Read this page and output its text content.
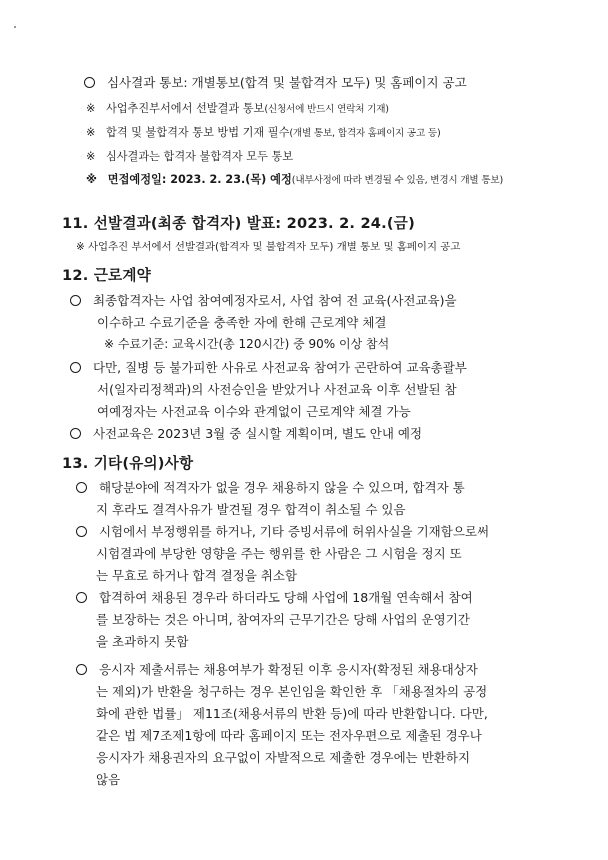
심사결과 통보: 개별통보(합격 및 불합격자 모두) 및 홈페이지 공고
※ 사업추진부서에서 선발결과 통보(신청서에 반드시 연락처 기재)
※ 합격 및 불합격자 통보 방법 기재 필수(개별 통보, 합격자 홈페이지 공고 등)
※ 심사결과는 합격자 불합격자 모두 통보
※ 면접예정일: 2023. 2. 23.(목) 예정(내부사정에 따라 변경될 수 있음, 변경시 개별 통보)
11. 선발결과(최종 합격자) 발표: 2023. 2. 24.(금)
※ 사업추진 부서에서 선발결과(합격자 및 불합격자 모두) 개별 통보 및 홈페이지 공고
12. 근로계약
최종합격자는 사업 참여예정자로서, 사업 참여 전 교육(사전교육)을
이수하고 수료기준을 충족한 자에 한해 근로계약 체결
※ 수료기준: 교육시간(총 120시간) 중 90% 이상 참석
다만, 질병 등 불가피한 사유로 사전교육 참여가 곤란하여 교육총괄부
서(일자리정책과)의 사전승인을 받았거나 사전교육 이후 선발된 참
여예정자는 사전교육 이수와 관계없이 근로계약 체결 가능
사전교육은 2023년 3월 중 실시할 계획이며, 별도 안내 예정
13. 기타(유의)사항
해당분야에 적격자가 없을 경우 채용하지 않을 수 있으며, 합격자 통
지 후라도 결격사유가 발견될 경우 합격이 취소될 수 있음
시험에서 부정행위를 하거나, 기타 증빙서류에 허위사실을 기재함으로써
시험결과에 부당한 영향을 주는 행위를 한 사람은 그 시험을 정지 또
는 무효로 하거나 합격 결정을 취소함
합격하여 채용된 경우라 하더라도 당해 사업에 18개월 연속해서 참여
를 보장하는 것은 아니며, 참여자의 근무기간은 당해 사업의 운영기간
을 초과하지 못함
응시자 제출서류는 채용여부가 확정된 이후 응시자(확정된 채용대상자
는 제외)가 반환을 청구하는 경우 본인임을 확인한 후 「채용절차의 공정
화에 관한 법률」 제11조(채용서류의 반환 등)에 따라 반환합니다. 다만,
같은 법 제7조제1항에 따라 홈페이지 또는 전자우편으로 제출된 경우나
응시자가 채용권자의 요구없이 자발적으로 제출한 경우에는 반환하지
않음
